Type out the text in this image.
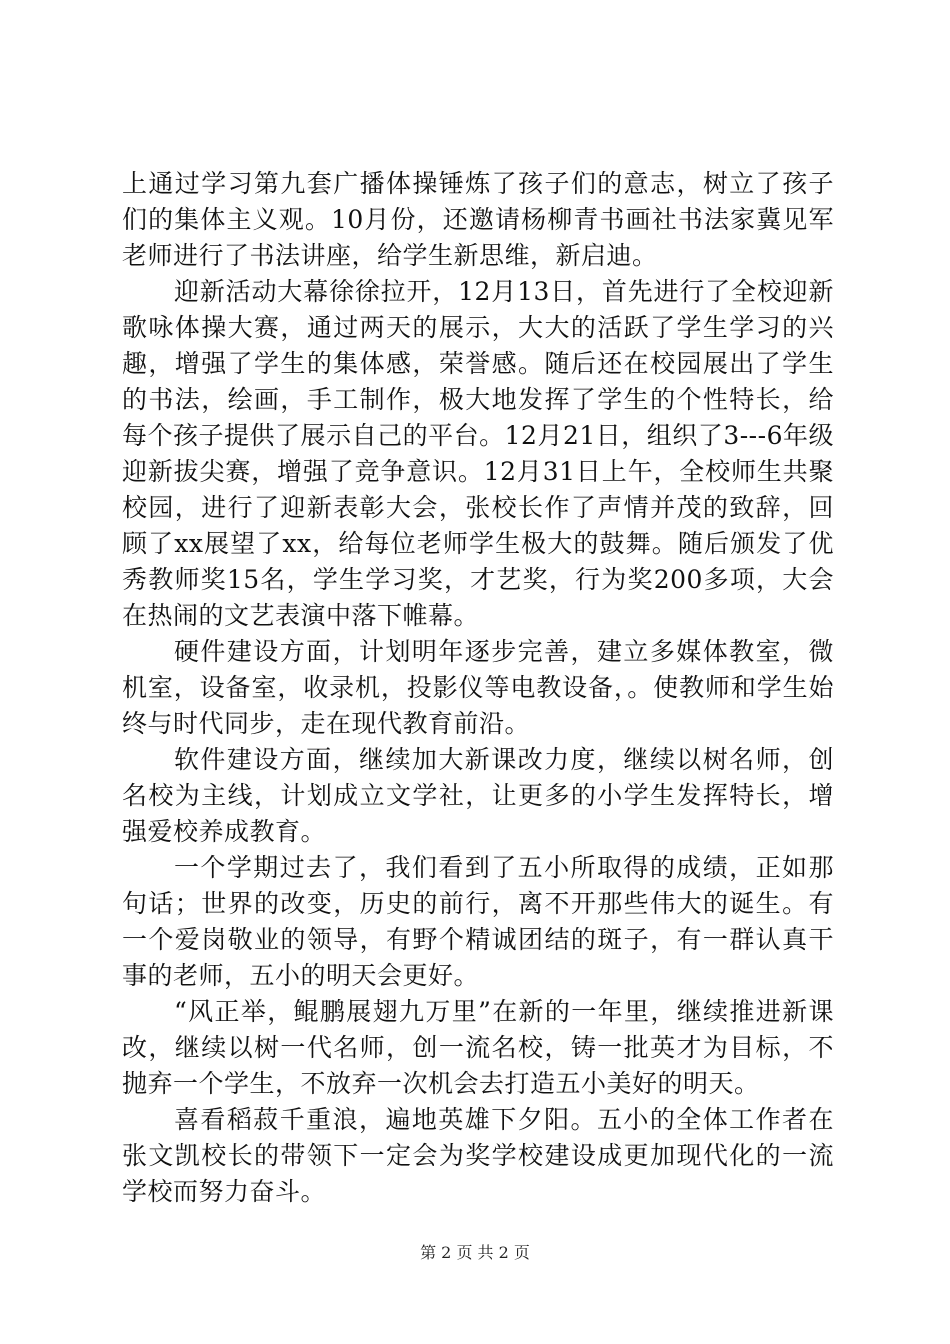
上通过学习第九套广播体操锤炼了孩子们的意志，树立了孩子们的集体主义观。10月份，还邀请杨柳青书画社书法家冀见军老师进行了书法讲座，给学生新思维，新启迪。

迎新活动大幕徐徐拉开，12月13日，首先进行了全校迎新歌咏体操大赛，通过两天的展示，大大的活跃了学生学习的兴趣，增强了学生的集体感，荣誉感。随后还在校园展出了学生的书法，绘画，手工制作，极大地发挥了学生的个性特长，给每个孩子提供了展示自己的平台。12月21日，组织了3---6年级迎新拔尖赛，增强了竞争意识。12月31日上午，全校师生共聚校园，进行了迎新表彰大会，张校长作了声情并茂的致辞，回顾了xx展望了xx，给每位老师学生极大的鼓舞。随后颁发了优秀教师奖15名，学生学习奖，才艺奖，行为奖200多项，大会在热闹的文艺表演中落下帷幕。

硬件建设方面，计划明年逐步完善，建立多媒体教室，微机室，设备室，收录机，投影仪等电教设备，。使教师和学生始终与时代同步，走在现代教育前沿。

软件建设方面，继续加大新课改力度，继续以树名师，创名校为主线，计划成立文学社，让更多的小学生发挥特长，增强爱校养成教育。

一个学期过去了，我们看到了五小所取得的成绩，正如那句话；世界的改变，历史的前行，离不开那些伟大的诞生。有一个爱岗敬业的领导，有野个精诚团结的斑子，有一群认真干事的老师，五小的明天会更好。

“风正举，鲲鹏展翅九万里”在新的一年里，继续推进新课改，继续以树一代名师，创一流名校，铸一批英才为目标，不抛弃一个学生，不放弃一次机会去打造五小美好的明天。

喜看稻菽千重浪，遍地英雄下夕阳。五小的全体工作者在张文凯校长的带领下一定会为奖学校建设成更加现代化的一流学校而努力奋斗。

第 2 页 共 2 页
